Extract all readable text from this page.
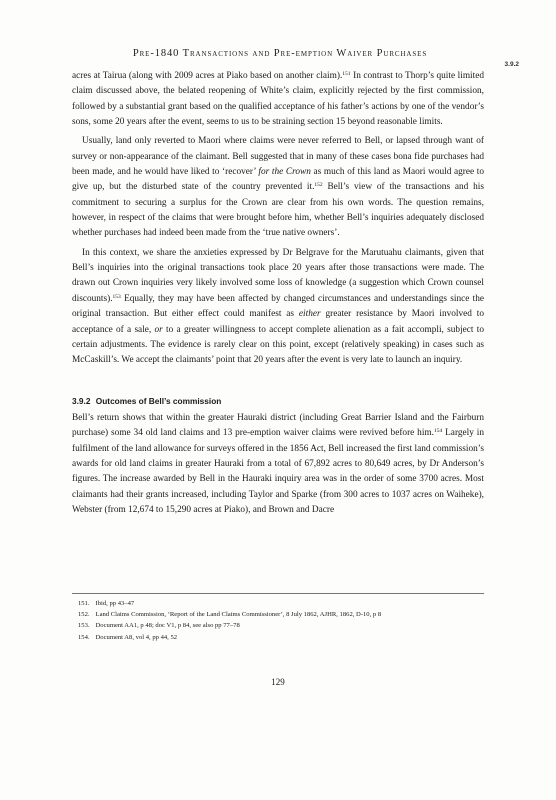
Pre-1840 Transactions and Pre-emption Waiver Purchases
3.9.2

acres at Tairua (along with 2009 acres at Piako based on another claim).$^{151}$ In contrast to Thorp’s quite limited claim discussed above, the belated reopening of White’s claim, explicitly rejected by the first commission, followed by a substantial grant based on the qualified acceptance of his father’s actions by one of the vendor’s sons, some 20 years after the event, seems to us to be straining section 15 beyond reasonable limits.

Usually, land only reverted to Maori where claims were never referred to Bell, or lapsed through want of survey or non-appearance of the claimant. Bell suggested that in many of these cases bona fide purchases had been made, and he would have liked to ‘recover’ for the Crown as much of this land as Maori would agree to give up, but the disturbed state of the country prevented it.$^{152}$ Bell’s view of the transactions and his commitment to securing a surplus for the Crown are clear from his own words. The question remains, however, in respect of the claims that were brought before him, whether Bell’s inquiries adequately disclosed whether purchases had indeed been made from the ‘true native owners’.

In this context, we share the anxieties expressed by Dr Belgrave for the Marutuahu claimants, given that Bell’s inquiries into the original transactions took place 20 years after those transactions were made. The drawn out Crown inquiries very likely involved some loss of knowledge (a suggestion which Crown counsel discounts).$^{153}$ Equally, they may have been affected by changed circumstances and understandings since the original transaction. But either effect could manifest as either greater resistance by Maori involved to acceptance of a sale, or to a greater willingness to accept complete alienation as a fait accompli, subject to certain adjustments. The evidence is rarely clear on this point, except (relatively speaking) in cases such as McCaskill’s. We accept the claimants’ point that 20 years after the event is very late to launch an inquiry.

3.9.2 Outcomes of Bell’s commission

Bell’s return shows that within the greater Hauraki district (including Great Barrier Island and the Fairburn purchase) some 34 old land claims and 13 pre-emption waiver claims were revived before him.$^{154}$ Largely in fulfilment of the land allowance for surveys offered in the 1856 Act, Bell increased the first land commission’s awards for old land claims in greater Hauraki from a total of 67,892 acres to 80,649 acres, by Dr Anderson’s figures. The increase awarded by Bell in the Hauraki inquiry area was in the order of some 3700 acres. Most claimants had their grants increased, including Taylor and Sparke (from 300 acres to 1037 acres on Waiheke), Webster (from 12,674 to 15,290 acres at Piako), and Brown and Dacre

151. Ibid, pp 43–47
152. Land Claims Commission, ‘Report of the Land Claims Commissioner’, 8 July 1862, AJHR, 1862, D-10, p 8
153. Document AA1, p 48; doc V1, p 84, see also pp 77–78
154. Document A8, vol 4, pp 44, 52
129
